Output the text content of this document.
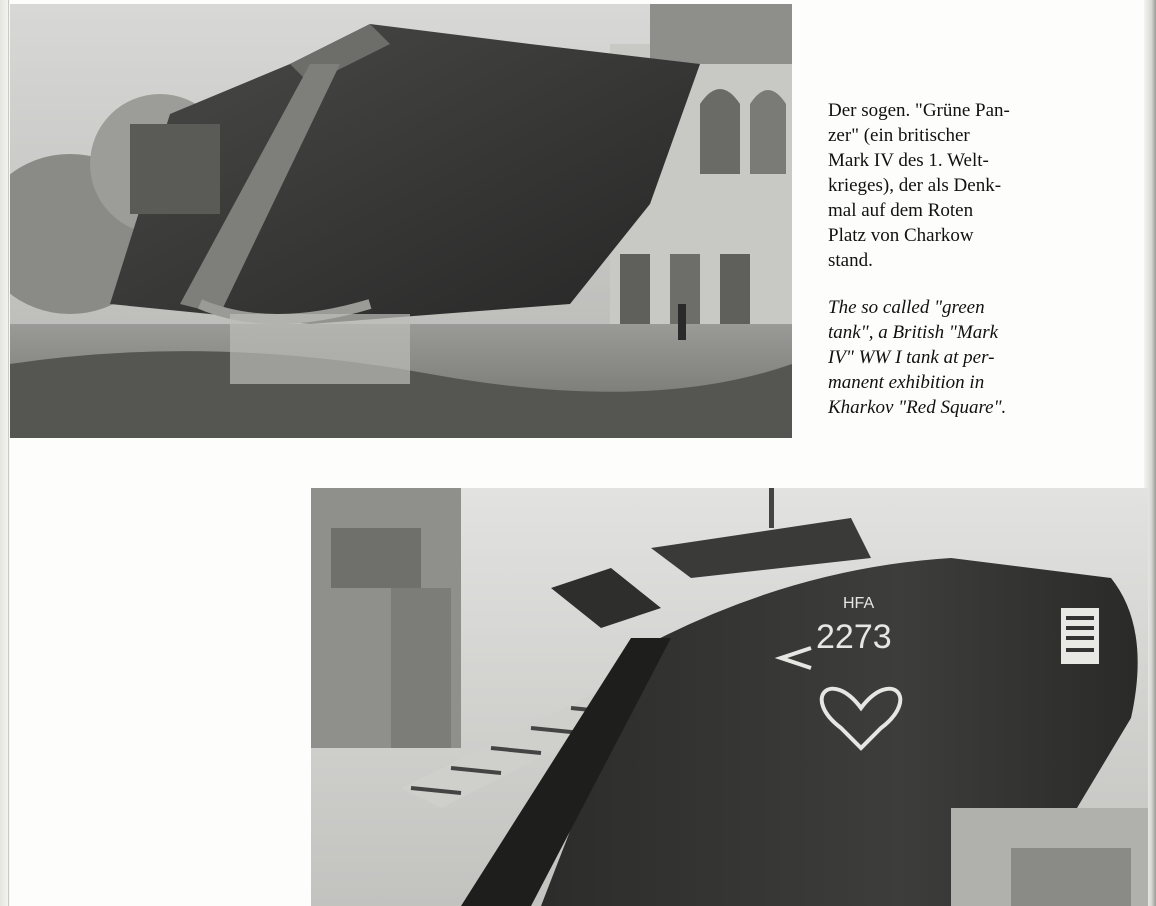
Der sogen. "Grüne Pan-
zer" (ein britischer
Mark IV des 1. Welt-
krieges), der als Denk-
mal auf dem Roten
Platz von Charkow
stand.

The so called "green
tank", a British "Mark
IV" WW I tank at per-
manent exhibition in
Kharkov "Red Square".

HFA
2273
